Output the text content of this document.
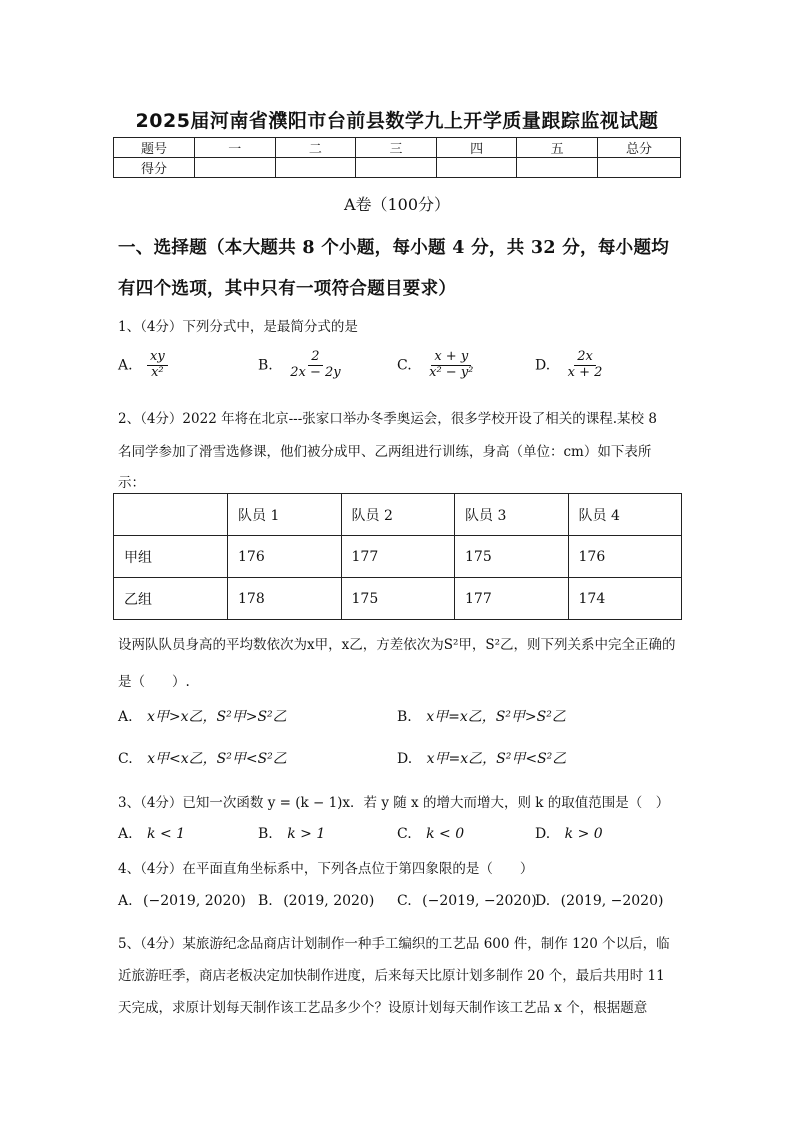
2025届河南省濮阳市台前县数学九上开学质量跟踪监视试题
题号	一	二	三	四	五	总分
得分						
A卷（100分）
一、选择题（本大题共 8 个小题，每小题 4 分，共 32 分，每小题均
有四个选项，其中只有一项符合题目要求）
1、（4分）下列分式中，是最简分式的是
A. $\frac{xy}{\text{x²}}$	B. $\frac{2}{2x - 2y}$	C. $\frac{x + y}{\text{x² − y²}}$	D. $\frac{2x}{x + 2}$
2、（4分）2022 年将在北京---张家口举办冬季奥运会，很多学校开设了相关的课程.某校 8
名同学参加了滑雪选修课，他们被分成甲、乙两组进行训练，身高（单位：cm）如下表所
示：
	队员 1	队员 2	队员 3	队员 4
甲组	176	177	175	176
乙组	178	175	177	174
设两队队员身高的平均数依次为x甲，x乙，方差依次为S²甲，S²乙，则下列关系中完全正确的
是（　　）.
A. x甲>x乙，S²甲>S²乙	B. x甲=x乙，S²甲>S²乙
C. x甲<x乙，S²甲<S²乙	D. x甲=x乙，S²甲<S²乙
3、（4分）已知一次函数 y = (k − 1)x．若 y 随 x 的增大而增大，则 k 的取值范围是（　）
A. k < 1	B. k > 1	C. k < 0	D. k > 0
4、（4分）在平面直角坐标系中，下列各点位于第四象限的是（　　）
A. (−2019, 2020) B. (2019, 2020) C. (−2019, −2020)
D. (2019, −2020)
5、（4分）某旅游纪念品商店计划制作一种手工编织的工艺品 600 件，制作 120 个以后，临
近旅游旺季，商店老板决定加快制作进度，后来每天比原计划多制作 20 个，最后共用时 11
天完成，求原计划每天制作该工艺品多少个？设原计划每天制作该工艺品 x 个，根据题意
